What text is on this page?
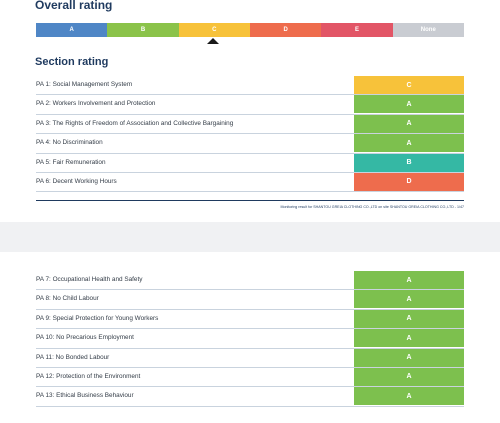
Overall rating
A	B	C	D	E	None
Section rating
PA 1: Social Management System	C
PA 2: Workers Involvement and Protection	A
PA 3: The Rights of Freedom of Association and Collective Bargaining	A
PA 4: No Discrimination	A
PA 5: Fair Remuneration	B
PA 6: Decent Working Hours	D
Monitoring result for SHANTOU GREIA CLOTHING CO.,LTD on site SHANTOU GREIA CLOTHING CO.,LTD - 1/47
PA 7: Occupational Health and Safety	A
PA 8: No Child Labour	A
PA 9: Special Protection for Young Workers	A
PA 10: No Precarious Employment	A
PA 11: No Bonded Labour	A
PA 12: Protection of the Environment	A
PA 13: Ethical Business Behaviour	A
